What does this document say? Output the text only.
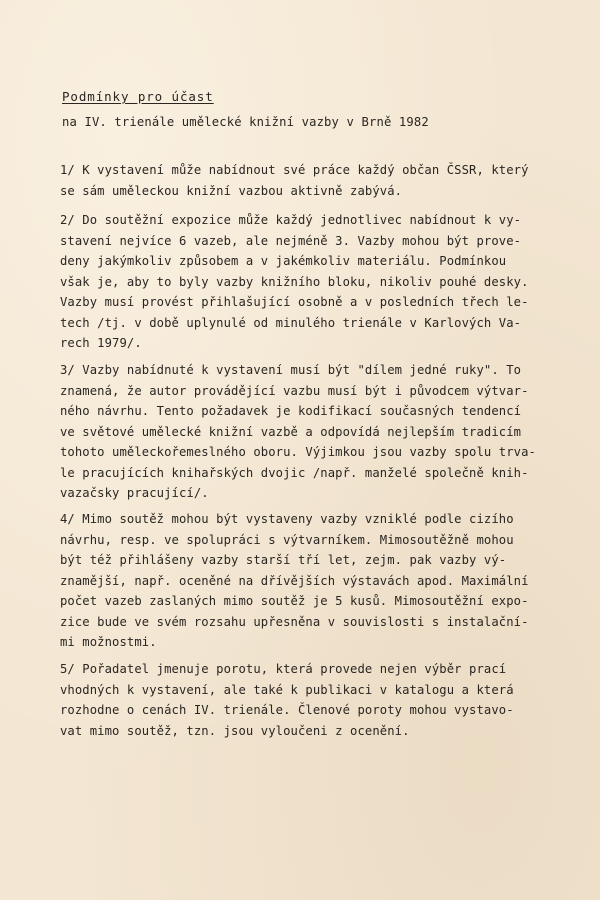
Podmínky pro účast
na IV. trienále umělecké knižní vazby v Brně 1982
1/ K vystavení může nabídnout své práce každý občan ČSSR, který
se sám uměleckou knižní vazbou aktivně zabývá.
2/ Do soutěžní expozice může každý jednotlivec nabídnout k vy-
stavení nejvíce 6 vazeb, ale nejméně 3. Vazby mohou být prove-
deny jakýmkoliv způsobem a v jakémkoliv materiálu. Podmínkou
však je, aby to byly vazby knižního bloku, nikoliv pouhé desky.
Vazby musí provést přihlašující osobně a v posledních třech le-
tech /tj. v době uplynulé od minulého trienále v Karlových Va-
rech 1979/.
3/ Vazby nabídnuté k vystavení musí být "dílem jedné ruky". To
znamená, že autor provádějící vazbu musí být i původcem výtvar-
ného návrhu. Tento požadavek je kodifikací současných tendencí
ve světové umělecké knižní vazbě a odpovídá nejlepším tradicím
tohoto uměleckořemeslného oboru. Výjimkou jsou vazby spolu trva-
le pracujících knihařských dvojic /např. manželé společně knih-
vazačsky pracující/.
4/ Mimo soutěž mohou být vystaveny vazby vzniklé podle cizího
návrhu, resp. ve spolupráci s výtvarníkem. Mimosoutěžně mohou
být též přihlášeny vazby starší tří let, zejm. pak vazby vý-
znamější, např. oceněné na dřívějších výstavách apod. Maximální
počet vazeb zaslaných mimo soutěž je 5 kusů. Mimosoutěžní expo-
zice bude ve svém rozsahu upřesněna v souvislosti s instalační-
mi možnostmi.
5/ Pořadatel jmenuje porotu, která provede nejen výběr prací
vhodných k vystavení, ale také k publikaci v katalogu a která
rozhodne o cenách IV. trienále. Členové poroty mohou vystavo-
vat mimo soutěž, tzn. jsou vyloučeni z ocenění.
